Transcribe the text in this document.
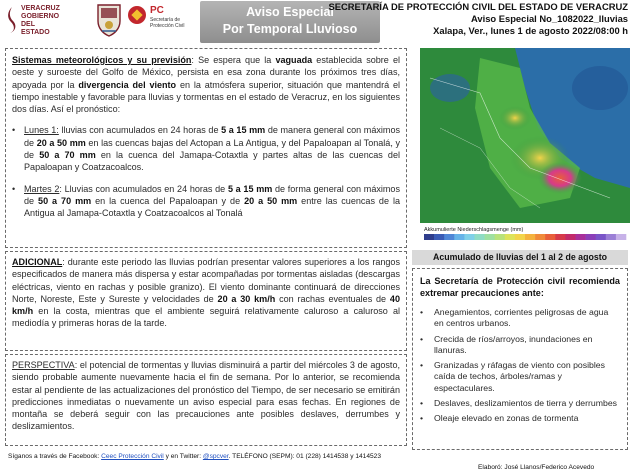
VERACRUZ
GOBIERNO
DEL ESTADO
PC
Secretaría de
Protección Civil
Aviso Especial
Por Temporal Lluvioso
SECRETARÍA DE PROTECCIÓN CIVIL DEL ESTADO DE VERACRUZ
Aviso Especial No_1082022_lluvias
Xalapa, Ver., lunes 1 de agosto 2022/08:00 h

Sistemas meteorológicos y su previsión: Se espera que la vaguada establecida sobre el oeste y suroeste del Golfo de México, persista en esa zona durante los próximos tres días, apoyada por la divergencia del viento en la atmósfera superior, situación que mantendrá el tiempo inestable y favorable para lluvias y tormentas en el estado de Veracruz, en los siguientes dos días. Así el pronóstico:

• Lunes 1: lluvias con acumulados en 24 horas de 5 a 15 mm de manera general con máximos de 20 a 50 mm en las cuencas bajas del Actopan a La Antigua, y del Papaloapan al Tonalá, y de 50 a 70 mm en la cuenca del Jamapa-Cotaxtla y partes altas de las cuencas del Papaloapan y Coatzacoalcos.
• Martes 2: Lluvias con acumulados en 24 horas de 5 a 15 mm de forma general con máximos de 50 a 70 mm en la cuenca del Papaloapan y de 20 a 50 mm entre las cuencas de la Antigua al Jamapa-Cotaxtla y Coatzacoalcos al Tonalá

ADICIONAL: durante este periodo las lluvias podrían presentar valores superiores a los rangos especificados de manera más dispersa y estar acompañadas por tormentas aisladas (descargas eléctricas, viento en rachas y posible granizo). El viento dominante continuará de direcciones Norte, Noreste, Este y Sureste y velocidades de 20 a 30 km/h con rachas eventuales de 40 km/h en la costa, mientras que el ambiente seguirá relativamente caluroso a caluroso al mediodía y primeras horas de la tarde.

PERSPECTIVA: el potencial de tormentas y lluvias disminuirá a partir del miércoles 3 de agosto, siendo probable aumente nuevamente hacia el fin de semana. Por lo anterior, se recomienda estar al pendiente de las actualizaciones del pronóstico del Tiempo, de ser necesario se emitirán predicciones inmediatas o nuevamente un aviso especial para esas fechas. En regiones de montaña se deberá seguir con las precauciones ante posibles deslaves, derrumbes y deslizamientos.

Akkumulierte Niederschlagsmenge (mm)
Acumulado de lluvias del 1 al 2 de agosto
La Secretaría de Protección civil recomienda extremar precauciones ante:
•	Anegamientos, corrientes peligrosas de agua en centros urbanos.
•	Crecida de ríos/arroyos, inundaciones en llanuras.
•	Granizadas y ráfagas de viento con posibles caída de techos, árboles/ramas y espectaculares.
•	Deslaves, deslizamientos de tierra y derrumbes
•	Oleaje elevado en zonas de tormenta
Síganos a través de Facebook: Ceec Protección Civil y en Twitter: @spcver. TELÉFONO (SEPM): 01 (228) 1414538 y 1414523
Elaboró: José Llanos/Federico Acevedo
